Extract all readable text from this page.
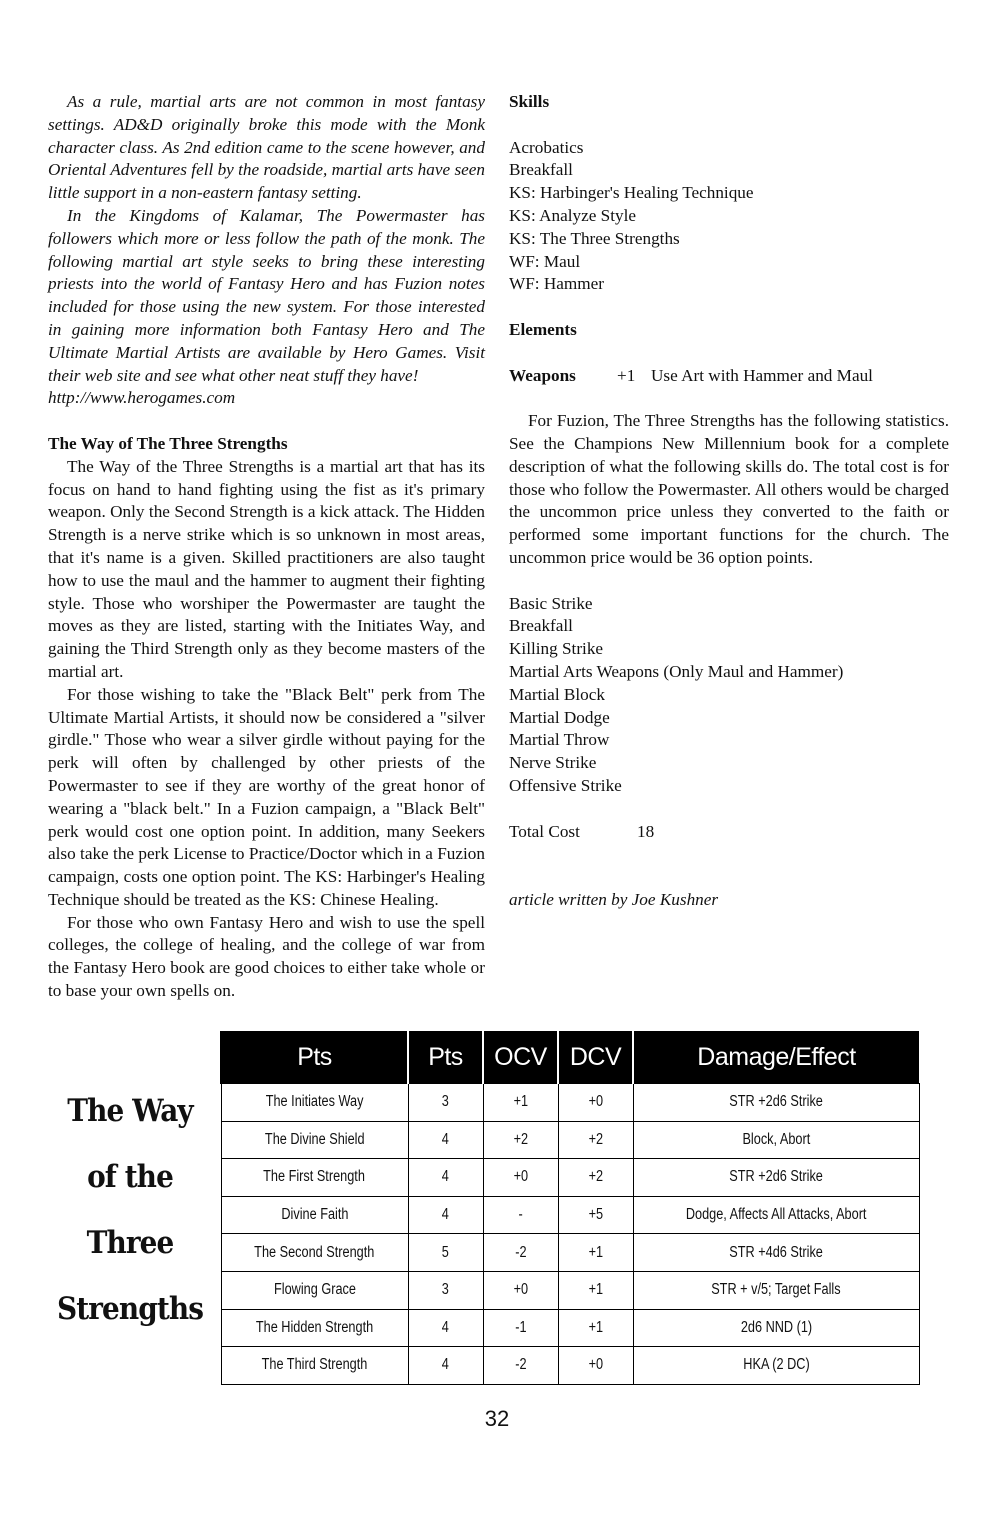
As a rule, martial arts are not common in most fantasy settings. AD&D originally broke this mode with the Monk character class. As 2nd edition came to the scene however, and Oriental Adventures fell by the roadside, martial arts have seen little support in a non-eastern fantasy setting.

In the Kingdoms of Kalamar, The Powermaster has followers which more or less follow the path of the monk. The following martial art style seeks to bring these interesting priests into the world of Fantasy Hero and has Fuzion notes included for those using the new system. For those interested in gaining more information both Fantasy Hero and The Ultimate Martial Artists are available by Hero Games. Visit their web site and see what other neat stuff they have!

http://www.herogames.com

The Way of The Three Strengths

The Way of the Three Strengths is a martial art that has its focus on hand to hand fighting using the fist as it's primary weapon. Only the Second Strength is a kick attack. The Hidden Strength is a nerve strike which is so unknown in most areas, that it's name is a given. Skilled practitioners are also taught how to use the maul and the hammer to augment their fighting style. Those who worshiper the Powermaster are taught the moves as they are listed, starting with the Initiates Way, and gaining the Third Strength only as they become masters of the martial art.

For those wishing to take the "Black Belt" perk from The Ultimate Martial Artists, it should now be considered a "silver girdle." Those who wear a silver girdle without paying for the perk will often by challenged by other priests of the Powermaster to see if they are worthy of the great honor of wearing a "black belt." In a Fuzion campaign, a "Black Belt" perk would cost one option point. In addition, many Seekers also take the perk License to Practice/Doctor which in a Fuzion campaign, costs one option point. The KS: Harbinger's Healing Technique should be treated as the KS: Chinese Healing.

For those who own Fantasy Hero and wish to use the spell colleges, the college of healing, and the college of war from the Fantasy Hero book are good choices to either take whole or to base your own spells on.

Skills

Acrobatics

Breakfall

KS: Harbinger's Healing Technique

KS: Analyze Style

KS: The Three Strengths

WF: Maul

WF: Hammer

Elements

Weapons +1 Use Art with Hammer and Maul

For Fuzion, The Three Strengths has the following statistics. See the Champions New Millennium book for a complete description of what the following skills do. The total cost is for those who follow the Powermaster. All others would be charged the uncommon price unless they converted to the faith or performed some important functions for the church. The uncommon price would be 36 option points.

Basic Strike

Breakfall

Killing Strike

Martial Arts Weapons (Only Maul and Hammer)

Martial Block

Martial Dodge

Martial Throw

Nerve Strike

Offensive Strike

Total Cost	18

article written by Joe Kushner

The Way
of the
Three
Strengths
Pts	Pts	OCV	DCV	Damage/Effect
The Initiates Way	3	+1	+0	STR +2d6 Strike
The Divine Shield	4	+2	+2	Block, Abort
The First Strength	4	+0	+2	STR +2d6 Strike
Divine Faith	4	-	+5	Dodge, Affects All Attacks, Abort
The Second Strength	5	-2	+1	STR +4d6 Strike
Flowing Grace	3	+0	+1	STR + v/5; Target Falls
The Hidden Strength	4	-1	+1	2d6 NND (1)
The Third Strength	4	-2	+0	HKA (2 DC)
32
